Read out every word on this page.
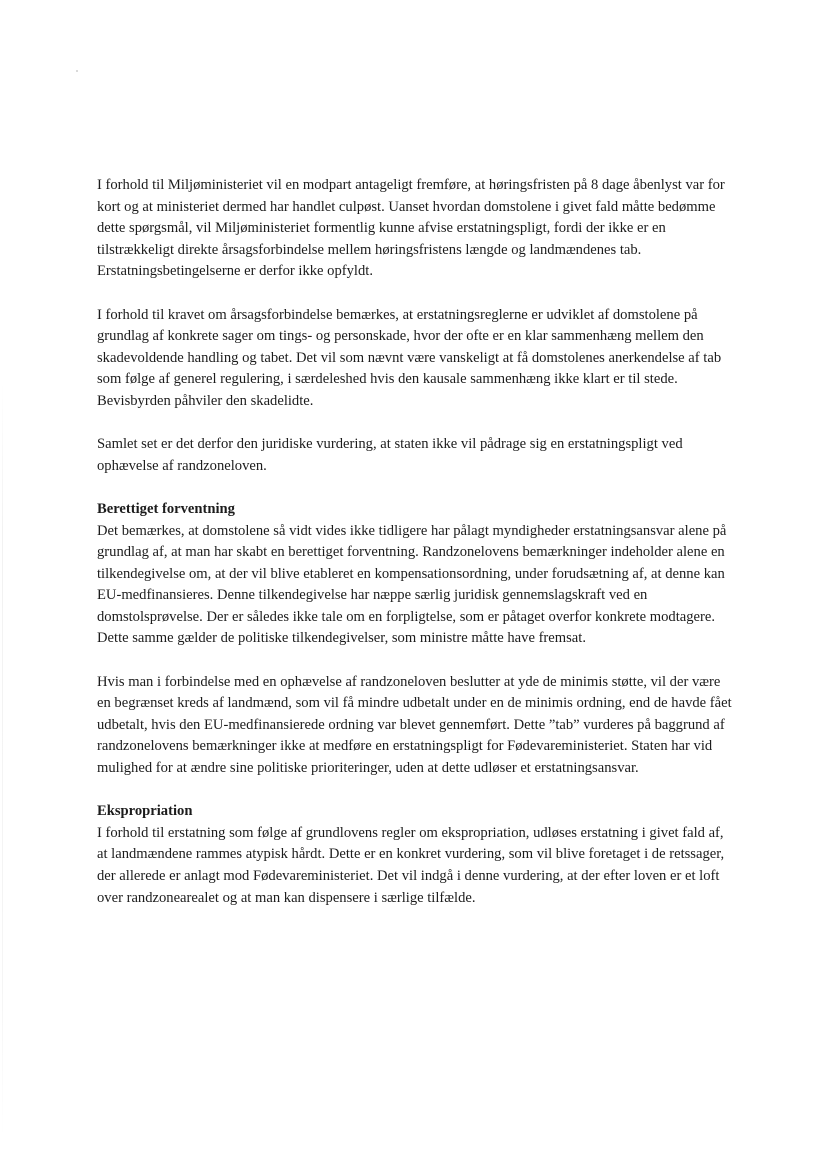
I forhold til Miljøministeriet vil en modpart antageligt fremføre, at høringsfristen på 8 dage åbenlyst var for kort og at ministeriet dermed har handlet culpøst. Uanset hvordan domstolene i givet fald måtte bedømme dette spørgsmål, vil Miljøministeriet formentlig kunne afvise erstatningspligt, fordi der ikke er en tilstrækkeligt direkte årsagsforbindelse mellem høringsfristens længde og landmændenes tab. Erstatningsbetingelserne er derfor ikke opfyldt.

I forhold til kravet om årsagsforbindelse bemærkes, at erstatningsreglerne er udviklet af domstolene på grundlag af konkrete sager om tings- og personskade, hvor der ofte er en klar sammenhæng mellem den skadevoldende handling og tabet. Det vil som nævnt være vanskeligt at få domstolenes anerkendelse af tab som følge af generel regulering, i særdeleshed hvis den kausale sammenhæng ikke klart er til stede. Bevisbyrden påhviler den skadelidte.

Samlet set er det derfor den juridiske vurdering, at staten ikke vil pådrage sig en erstatningspligt ved ophævelse af randzoneloven.

Berettiget forventning

Det bemærkes, at domstolene så vidt vides ikke tidligere har pålagt myndigheder erstatningsansvar alene på grundlag af, at man har skabt en berettiget forventning. Randzonelovens bemærkninger indeholder alene en tilkendegivelse om, at der vil blive etableret en kompensationsordning, under forudsætning af, at denne kan EU-medfinansieres. Denne tilkendegivelse har næppe særlig juridisk gennemslagskraft ved en domstolsprøvelse. Der er således ikke tale om en forpligtelse, som er påtaget overfor konkrete modtagere. Dette samme gælder de politiske tilkendegivelser, som ministre måtte have fremsat.

Hvis man i forbindelse med en ophævelse af randzoneloven beslutter at yde de minimis støtte, vil der være en begrænset kreds af landmænd, som vil få mindre udbetalt under en de minimis ordning, end de havde fået udbetalt, hvis den EU-medfinansierede ordning var blevet gennemført. Dette ”tab” vurderes på baggrund af randzonelovens bemærkninger ikke at medføre en erstatningspligt for Fødevareministeriet. Staten har vid mulighed for at ændre sine politiske prioriteringer, uden at dette udløser et erstatningsansvar.

Ekspropriation

I forhold til erstatning som følge af grundlovens regler om ekspropriation, udløses erstatning i givet fald af, at landmændene rammes atypisk hårdt. Dette er en konkret vurdering, som vil blive foretaget i de retssager, der allerede er anlagt mod Fødevareministeriet. Det vil indgå i denne vurdering, at der efter loven er et loft over randzonearealet og at man kan dispensere i særlige tilfælde.
